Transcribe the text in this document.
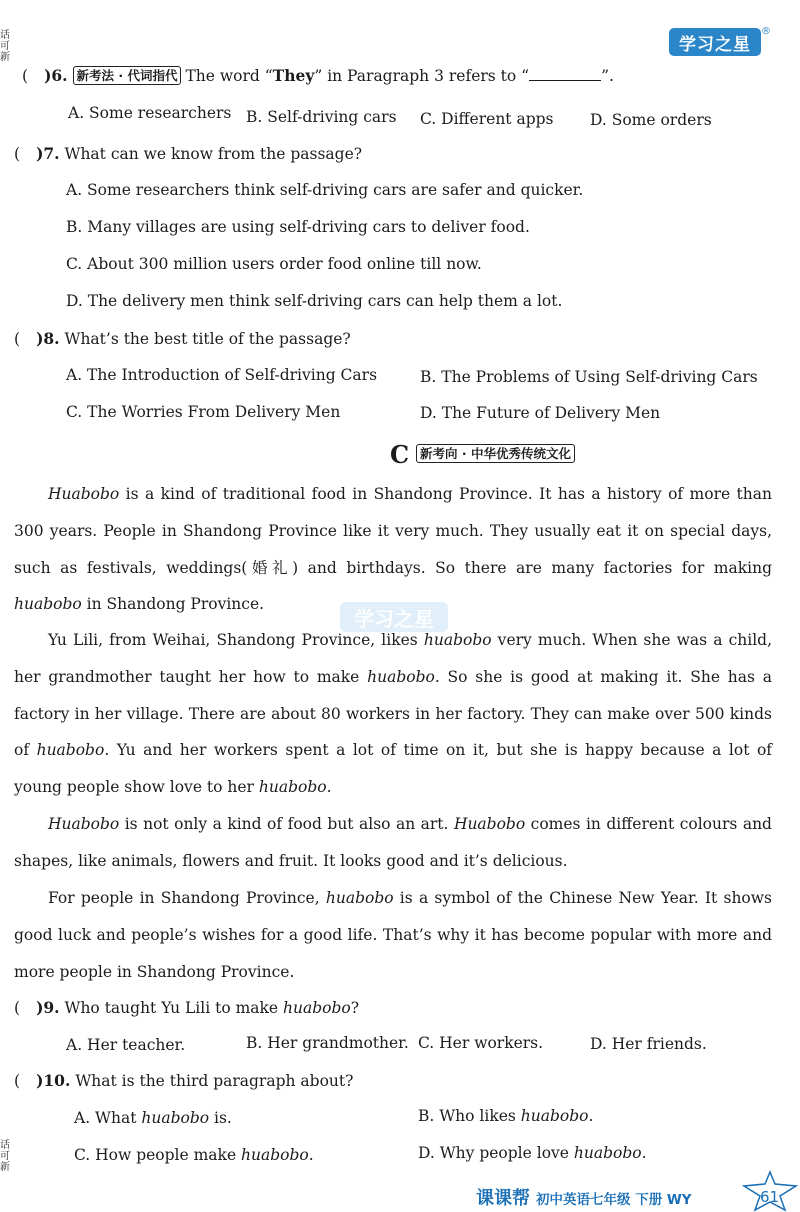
学习之星
®
话可新
话可新
( )6. 新考法 · 代词指代 The word “They” in Paragraph 3 refers to “	”.
A. Some researchers B. Self-driving cars C. Different apps D. Some orders
( )7. What can we know from the passage?
A. Some researchers think self-driving cars are safer and quicker.
B. Many villages are using self-driving cars to deliver food.
C. About 300 million users order food online till now.
D. The delivery men think self-driving cars can help them a lot.
( )8. What’s the best title of the passage?
A. The Introduction of Self-driving Cars	B. The Problems of Using Self-driving Cars
C. The Worries From Delivery Men	D. The Future of Delivery Men
C 新考向 · 中华优秀传统文化
Huabobo is a kind of traditional food in Shandong Province. It has a history of more than 300 years. People in Shandong Province like it very much. They usually eat it on special days, such as festivals, weddings(婚礼) and birthdays. So there are many factories for making huabobo in Shandong Province.
学习之星
Yu Lili, from Weihai, Shandong Province, likes huabobo very much. When she was a child, her grandmother taught her how to make huabobo. So she is good at making it. She has a factory in her village. There are about 80 workers in her factory. They can make over 500 kinds of huabobo. Yu and her workers spent a lot of time on it, but she is happy because a lot of young people show love to her huabobo.
Huabobo is not only a kind of food but also an art. Huabobo comes in different colours and shapes, like animals, flowers and fruit. It looks good and it’s delicious.
For people in Shandong Province, huabobo is a symbol of the Chinese New Year. It shows good luck and people’s wishes for a good life. That’s why it has become popular with more and more people in Shandong Province.
( )9. Who taught Yu Lili to make huabobo?
A. Her teacher.	B. Her grandmother. C. Her workers.	D. Her friends.
( )10. What is the third paragraph about?
A. What huabobo is.	B. Who likes huabobo.
C. How people make huabobo.	D. Why people love huabobo.
课课帮 初中英语七年级 下册 WY	61
